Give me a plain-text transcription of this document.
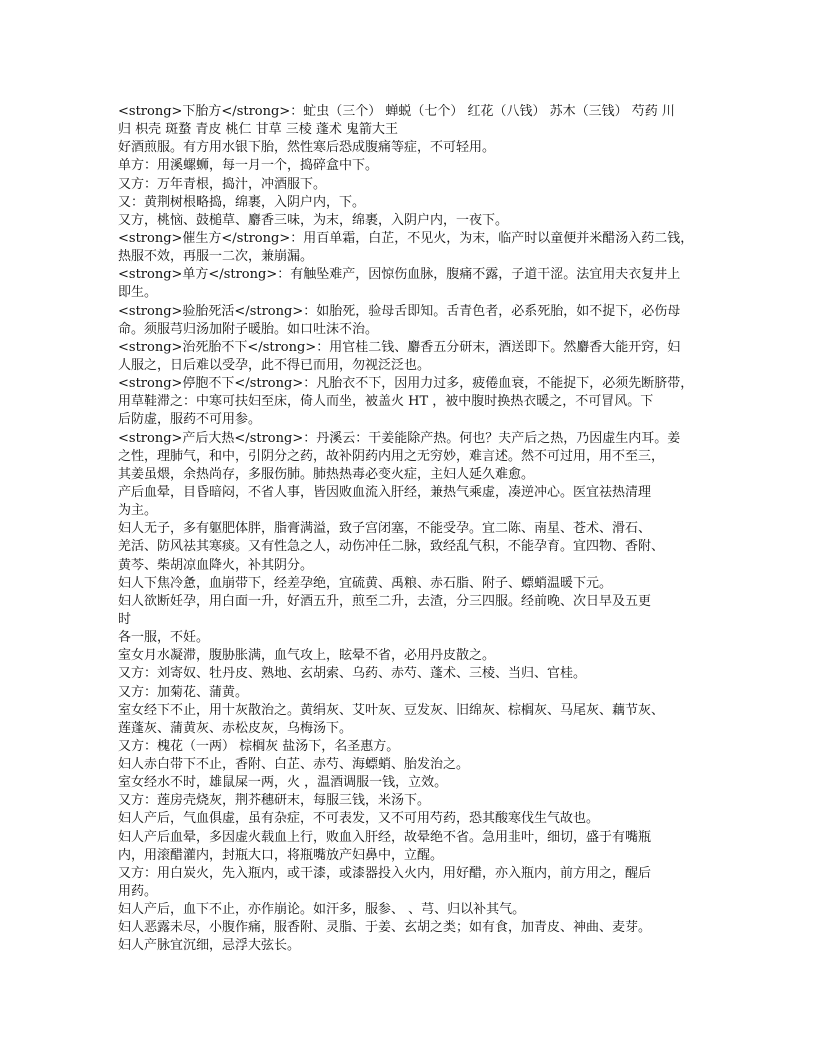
<strong>下胎方</strong>：虻虫（三个） 蝉蜕（七个） 红花（八钱） 苏木（三钱） 芍药 川
归 枳壳 斑蝥 青皮 桃仁 甘草 三棱 蓬术 鬼箭大王
好酒煎服。有方用水银下胎，然性寒后恐成腹痛等症，不可轻用。
单方：用溪螺蛳，每一月一个，捣碎盒中下。
又方：万年青根，捣汁，冲酒服下。
又：黄荆树根略捣，绵裹，入阴户内，下。
又方，桃恼、鼓槌草、麝香三味，为末，绵裹，入阴户内，一夜下。
<strong>催生方</strong>：用百单霜，白芷，不见火，为末，临产时以童便并米醋汤入药二钱，
热服不效，再服一二次，兼崩漏。
<strong>单方</strong>：有触坠难产，因惊伤血脉，腹痛不露，子道干涩。法宜用夫衣复井上
即生。
<strong>验胎死活</strong>：如胎死，验母舌即知。舌青色者，必系死胎，如不捉下，必伤母
命。须服芎归汤加附子暖胎。如口吐沫不治。
<strong>治死胎不下</strong>：用官桂二钱、麝香五分研末，酒送即下。然麝香大能开窍，妇
人服之，日后难以受孕，此不得已而用，勿视泛泛也。
<strong>停胞不下</strong>：凡胎衣不下，因用力过多，疲倦血衰，不能捉下，必须先断脐带，
用草鞋滞之：中寒可扶妇至床，倚人而坐，被盖火 HT ，被中腹时换热衣暖之，不可冒风。下
后防虚，服药不可用参。
<strong>产后大热</strong>：丹溪云：干姜能除产热。何也？夫产后之热，乃因虚生内耳。姜
之性，理肺气，和中，引阴分之药，故补阴药内用之无穷妙，难言述。然不可过用，用不至三，
其姜虽煨，余热尚存，多服伤肺。肺热热毒必变火症，主妇人延久难愈。
产后血晕，目昏暗闷，不省人事，皆因败血流入肝经，兼热气乘虚，凑逆冲心。医宜祛热清理
为主。
妇人无子，多有躯肥体胖，脂膏满溢，致子宫闭塞，不能受孕。宜二陈、南星、苍术、滑石、
羌活、防风祛其寒痰。又有性急之人，动伤冲任二脉，致经乱气积，不能孕育。宜四物、香附、
黄芩、柴胡凉血降火，补其阴分。
妇人下焦冷惫，血崩带下，经差孕绝，宜硫黄、禹粮、赤石脂、附子、螵蛸温暖下元。
妇人欲断妊孕，用白面一升，好酒五升，煎至二升，去渣，分三四服。经前晚、次日早及五更
时
各一服，不妊。
室女月水凝滞，腹胁胀满，血气攻上，眩晕不省，必用丹皮散之。
又方：刘寄奴、牡丹皮、熟地、玄胡索、乌药、赤芍、蓬术、三棱、当归、官桂。
又方：加菊花、蒲黄。
室女经下不止，用十灰散治之。黄绢灰、艾叶灰、豆发灰、旧绵灰、棕榈灰、马尾灰、藕节灰、
莲蓬灰、蒲黄灰、赤松皮灰，乌梅汤下。
又方：槐花（一两） 棕榈灰 盐汤下，名圣惠方。
妇人赤白带下不止，香附、白芷、赤芍、海螵蛸、胎发治之。
室女经水不时，雄鼠屎一两，火 ，温酒调服一钱，立效。
又方：莲房壳烧灰，荆芥穗研末，每服三钱，米汤下。
妇人产后，气血俱虚，虽有杂症，不可表发，又不可用芍药，恐其酸寒伐生气故也。
妇人产后血晕，多因虚火载血上行，败血入肝经，故晕绝不省。急用韭叶，细切，盛于有嘴瓶
内，用滚醋灌内，封瓶大口，将瓶嘴放产妇鼻中，立醒。
又方：用白炭火，先入瓶内，或干漆，或漆器投入火内，用好醋，亦入瓶内，前方用之，醒后
用药。
妇人产后，血下不止，亦作崩论。如汗多，服参、 、芎、归以补其气。
妇人恶露未尽，小腹作痛，服香附、灵脂、于姜、玄胡之类；如有食，加青皮、神曲、麦芽。
妇人产脉宜沉细，忌浮大弦长。
